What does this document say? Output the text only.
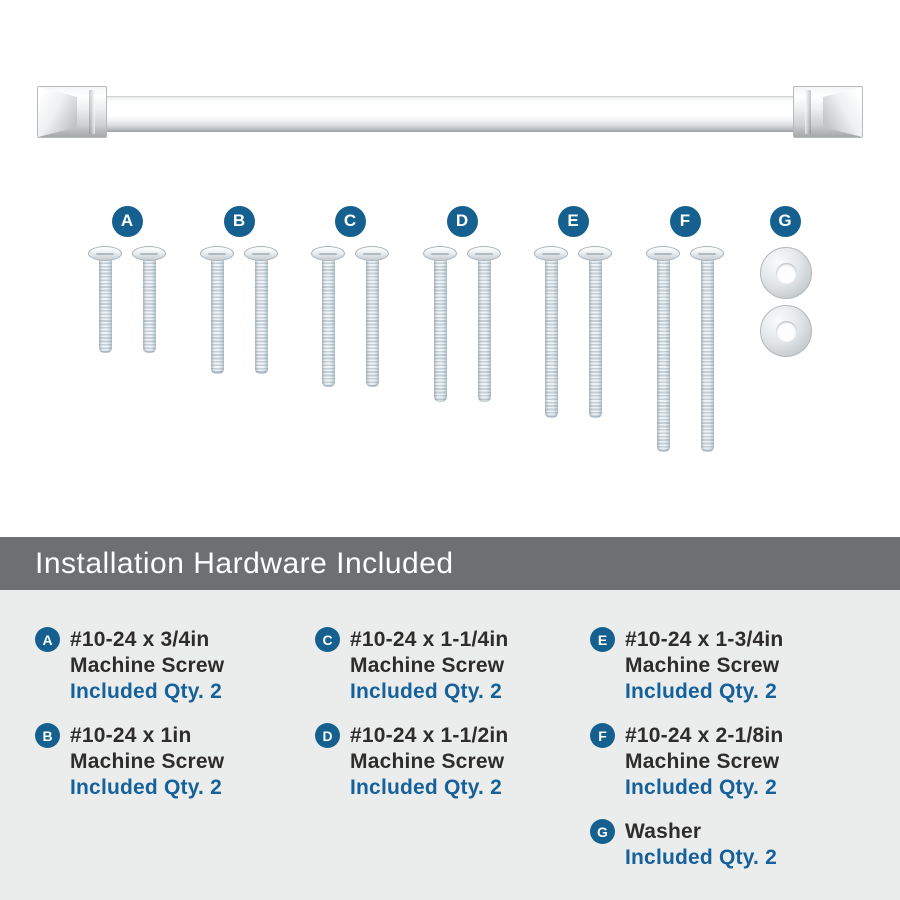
A	B	C	D	E	F	G
Installation Hardware Included
A #10-24 x 3/4in
Machine Screw
Included Qty. 2
B #10-24 x 1in
Machine Screw
Included Qty. 2
C #10-24 x 1-1/4in
Machine Screw
Included Qty. 2
D #10-24 x 1-1/2in
Machine Screw
Included Qty. 2
E #10-24 x 1-3/4in
Machine Screw
Included Qty. 2
F #10-24 x 2-1/8in
Machine Screw
Included Qty. 2
G Washer
Included Qty. 2
